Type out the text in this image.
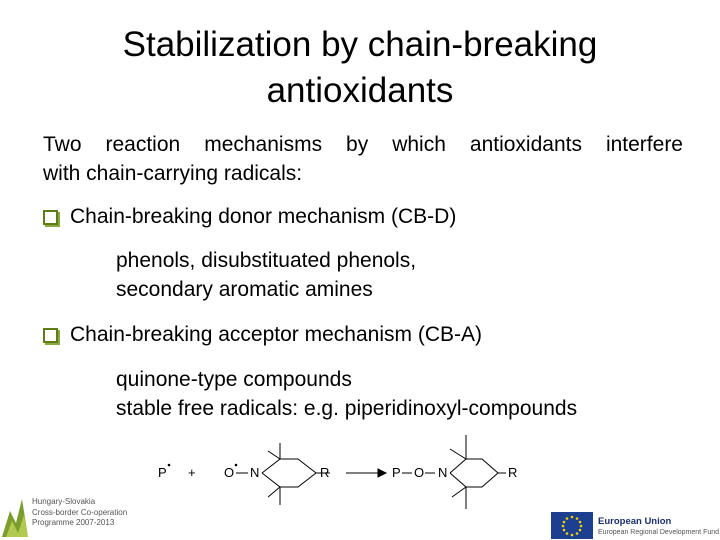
Stabilization by chain-breaking
antioxidants
Two reaction mechanisms by which antioxidants interfere
with chain-carrying radicals:
Chain-breaking donor mechanism (CB-D)
phenols, disubstituated phenols,
secondary aromatic amines
Chain-breaking acceptor mechanism (CB-A)
quinone-type compounds
stable free radicals: e.g. piperidinoxyl-compounds
P + O N	R	P O N	R
Hungary-Slovakia
Cross-border Co-operation
Programme 2007-2013	European Union
European Regional Development Fund
